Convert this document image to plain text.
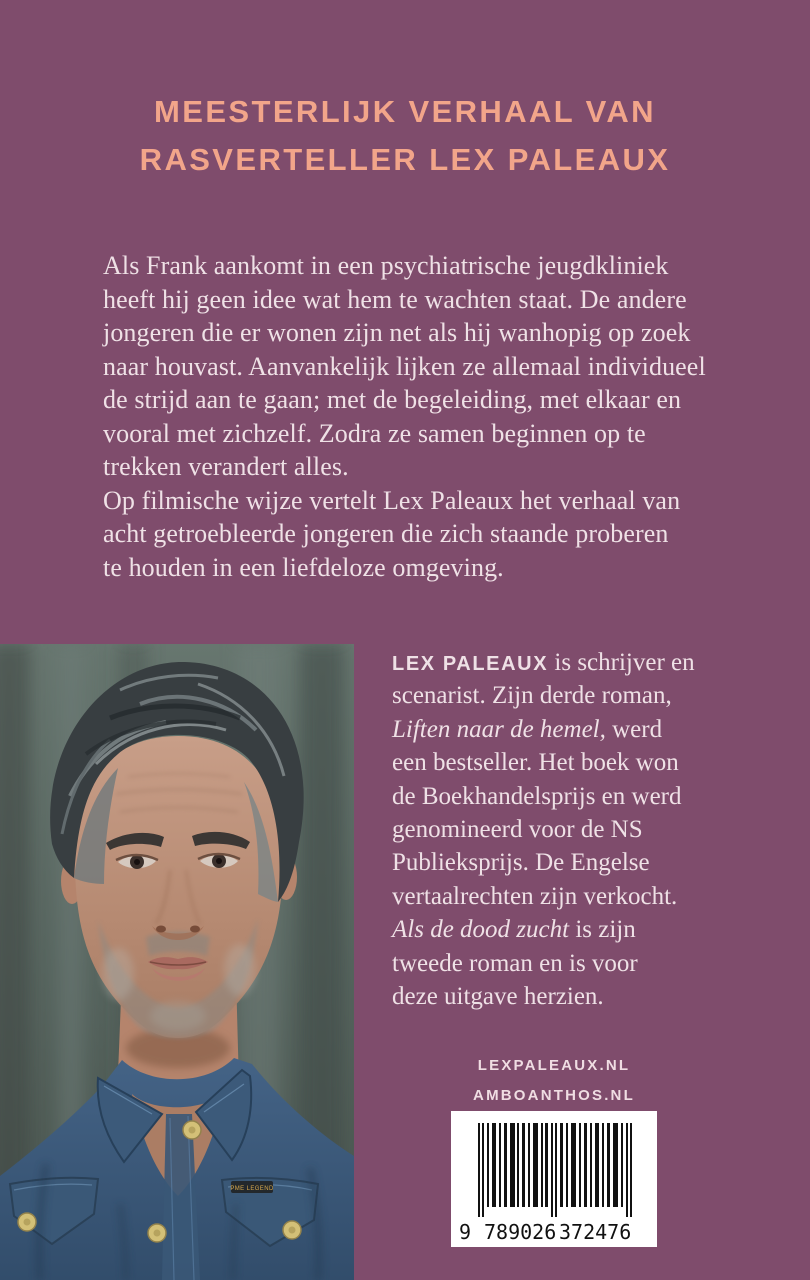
MEESTERLIJK VERHAAL VAN
RASVERTELLER LEX PALEAUX
Als Frank aankomt in een psychiatrische jeugdkliniek
heeft hij geen idee wat hem te wachten staat. De andere
jongeren die er wonen zijn net als hij wanhopig op zoek
naar houvast. Aanvankelijk lijken ze allemaal individueel
de strijd aan te gaan; met de begeleiding, met elkaar en
vooral met zichzelf. Zodra ze samen beginnen op te
trekken verandert alles.
Op filmische wijze vertelt Lex Paleaux het verhaal van
acht getroebleerde jongeren die zich staande proberen
te houden in een liefdeloze omgeving.
PME LEGEND
LEX PALEAUX is schrijver en
scenarist. Zijn derde roman,
Liften naar de hemel, werd
een bestseller. Het boek won
de Boekhandelsprijs en werd
genomineerd voor de NS
Publieksprijs. De Engelse
vertaalrechten zijn verkocht.
Als de dood zucht is zijn
tweede roman en is voor
deze uitgave herzien.
LEXPALEAUX.NL
AMBOANTHOS.NL
9 789026 372476
